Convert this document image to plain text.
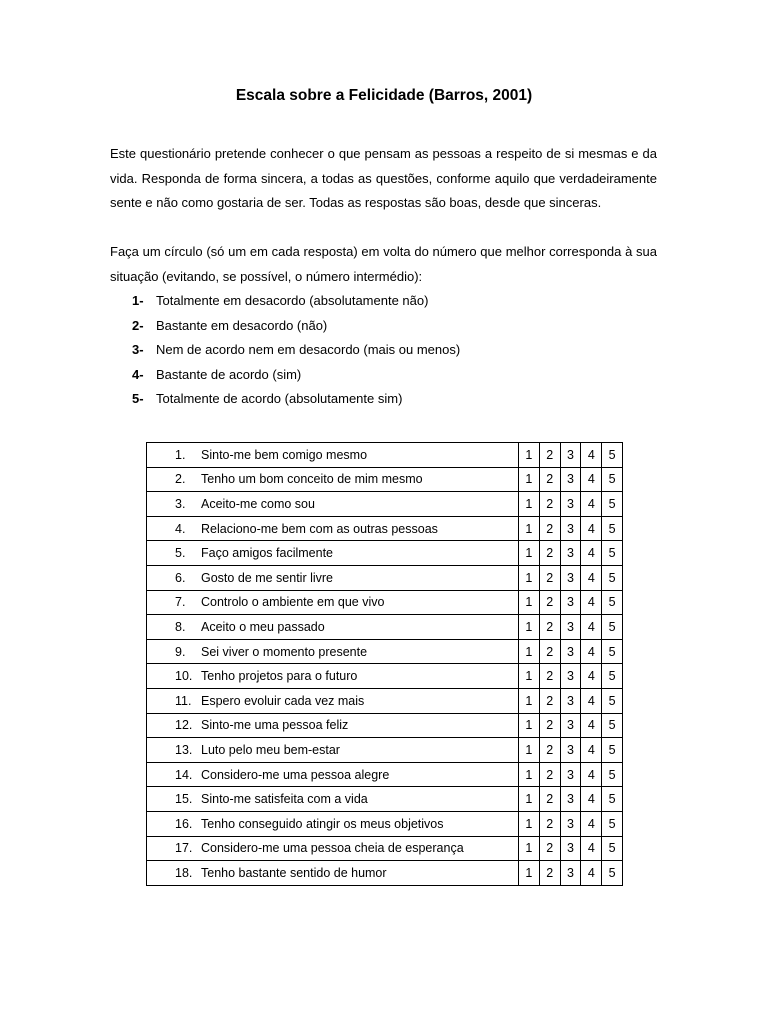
Escala sobre a Felicidade (Barros, 2001)
Este questionário pretende conhecer o que pensam as pessoas a respeito de si mesmas e da vida. Responda de forma sincera, a todas as questões, conforme aquilo que verdadeiramente sente e não como gostaria de ser. Todas as respostas são boas, desde que sinceras.
Faça um círculo (só um em cada resposta) em volta do número que melhor corresponda à sua
situação (evitando, se possível, o número intermédio):
1- Totalmente em desacordo (absolutamente não)
2- Bastante em desacordo (não)
3- Nem de acordo nem em desacordo (mais ou menos)
4- Bastante de acordo (sim)
5- Totalmente de acordo (absolutamente sim)
1. Sinto-me bem comigo mesmo	1	2	3	4	5
2. Tenho um bom conceito de mim mesmo	1	2	3	4	5
3. Aceito-me como sou	1	2	3	4	5
4. Relaciono-me bem com as outras pessoas	1	2	3	4	5
5. Faço amigos facilmente	1	2	3	4	5
6. Gosto de me sentir livre	1	2	3	4	5
7. Controlo o ambiente em que vivo	1	2	3	4	5
8. Aceito o meu passado	1	2	3	4	5
9. Sei viver o momento presente	1	2	3	4	5
10. Tenho projetos para o futuro	1	2	3	4	5
11. Espero evoluir cada vez mais	1	2	3	4	5
12. Sinto-me uma pessoa feliz	1	2	3	4	5
13. Luto pelo meu bem-estar	1	2	3	4	5
14. Considero-me uma pessoa alegre	1	2	3	4	5
15. Sinto-me satisfeita com a vida	1	2	3	4	5
16. Tenho conseguido atingir os meus objetivos	1	2	3	4	5
17. Considero-me uma pessoa cheia de esperança	1	2	3	4	5
18. Tenho bastante sentido de humor	1	2	3	4	5
